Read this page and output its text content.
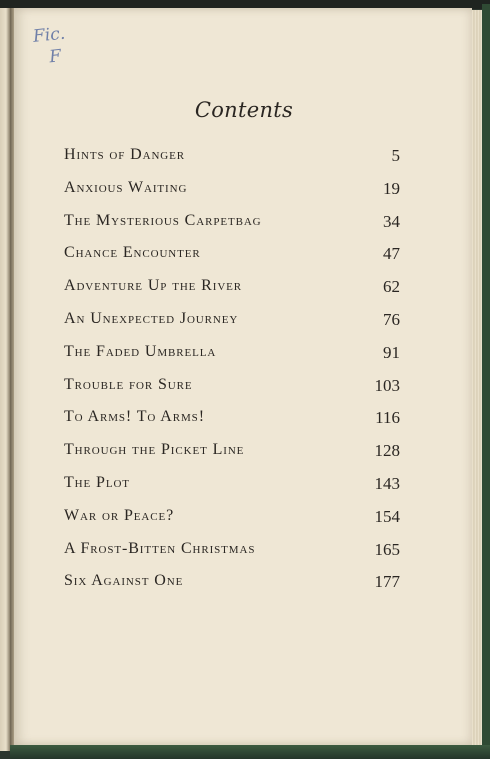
Fic.
F
Contents
Hints of Danger	5
Anxious Waiting	19
The Mysterious Carpetbag	34
Chance Encounter	47
Adventure Up the River	62
An Unexpected Journey	76
The Faded Umbrella	91
Trouble for Sure	103
To Arms! To Arms!	116
Through the Picket Line	128
The Plot	143
War or Peace?	154
A Frost-Bitten Christmas	165
Six Against One	177
